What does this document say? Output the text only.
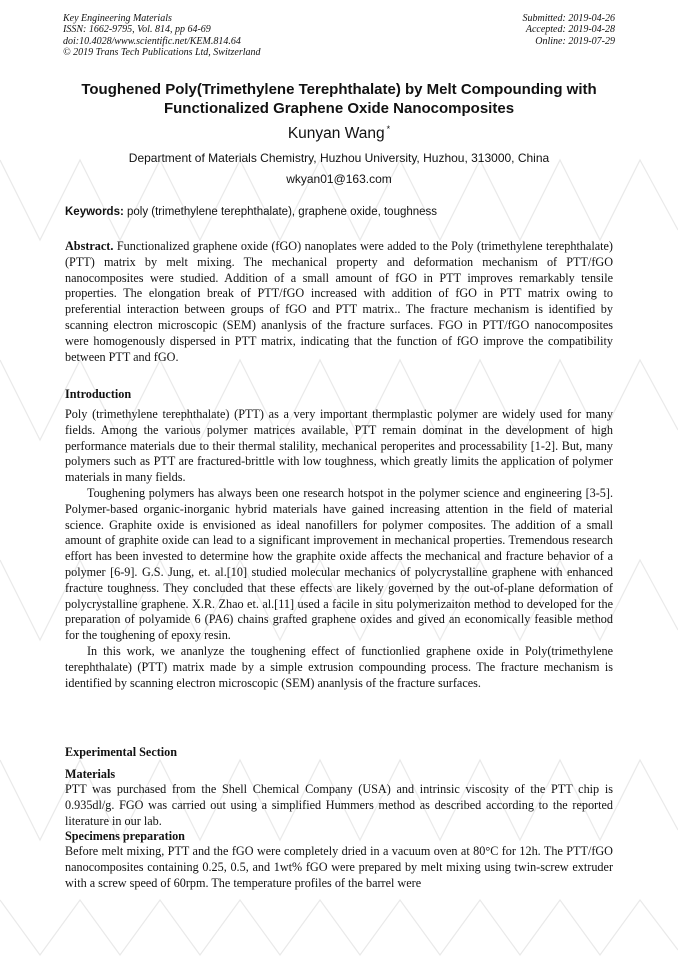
Key Engineering Materials
ISSN: 1662-9795, Vol. 814, pp 64-69
doi:10.4028/www.scientific.net/KEM.814.64
© 2019 Trans Tech Publications Ltd, Switzerland
Submitted: 2019-04-26
Accepted: 2019-04-28
Online: 2019-07-29
Toughened Poly(Trimethylene Terephthalate) by Melt Compounding with Functionalized Graphene Oxide Nanocomposites
Kunyan Wang *
Department of Materials Chemistry, Huzhou University, Huzhou, 313000, China
wkyan01@163.com
Keywords: poly (trimethylene terephthalate), graphene oxide, toughness

Abstract. Functionalized graphene oxide (fGO) nanoplates were added to the Poly (trimethylene terephthalate) (PTT) matrix by melt mixing. The mechanical property and deformation mechanism of PTT/fGO nanocomposites were studied. Addition of a small amount of fGO in PTT improves remarkably tensile properties. The elongation break of PTT/fGO increased with addition of fGO in PTT matrix owing to preferential interaction between groups of fGO and PTT matrix.. The fracture mechanism is identified by scanning electron microscopic (SEM) ananlysis of the fracture surfaces. FGO in PTT/fGO nanocomposites were homogenously dispersed in PTT matrix, indicating that the function of fGO improve the compatibility between PTT and fGO.

Introduction

Poly (trimethylene terephthalate) (PTT) as a very important thermplastic polymer are widely used for many fields. Among the various polymer matrices available, PTT remain dominat in the development of high performance materials due to their thermal stalility, mechanical peroperites and processability [1-2]. But, many polymers such as PTT are fractured-brittle with low toughness, which greatly limits the application of polymer materials in many fields.

Toughening polymers has always been one research hotspot in the polymer science and engineering [3-5]. Polymer-based organic-inorganic hybrid materials have gained increasing attention in the field of material science. Graphite oxide is envisioned as ideal nanofillers for polymer composites. The addition of a small amount of graphite oxide can lead to a significant improvement in mechanical properties. Tremendous research effort has been invested to determine how the graphite oxide affects the mechanical and fracture behavior of a polymer [6-9]. G.S. Jung, et. al.[10] studied molecular mechanics of polycrystalline graphene with enhanced fracture toughness. They concluded that these effects are likely governed by the out-of-plane deformation of polycrystalline graphene. X.R. Zhao et. al.[11] used a facile in situ polymerizaiton method to developed for the preparation of polyamide 6 (PA6) chains grafted graphene oxides and gived an economically feasible method for the toughening of epoxy resin.

In this work, we ananlyze the toughening effect of functionlied graphene oxide in Poly(trimethylene terephthalate) (PTT) matrix made by a simple extrusion compounding process. The fracture mechanism is identified by scanning electron microscopic (SEM) ananlysis of the fracture surfaces.

Experimental Section
Materials

PTT was purchased from the Shell Chemical Company (USA) and intrinsic viscosity of the PTT chip is 0.935dl/g. FGO was carried out using a simplified Hummers method as described according to the reported literature in our lab.

Specimens preparation

Before melt mixing, PTT and the fGO were completely dried in a vacuum oven at 80°C for 12h. The PTT/fGO nanocomposites containing 0.25, 0.5, and 1wt% fGO were prepared by melt mixing using twin-screw extruder with a screw speed of 60rpm. The temperature profiles of the barrel were
